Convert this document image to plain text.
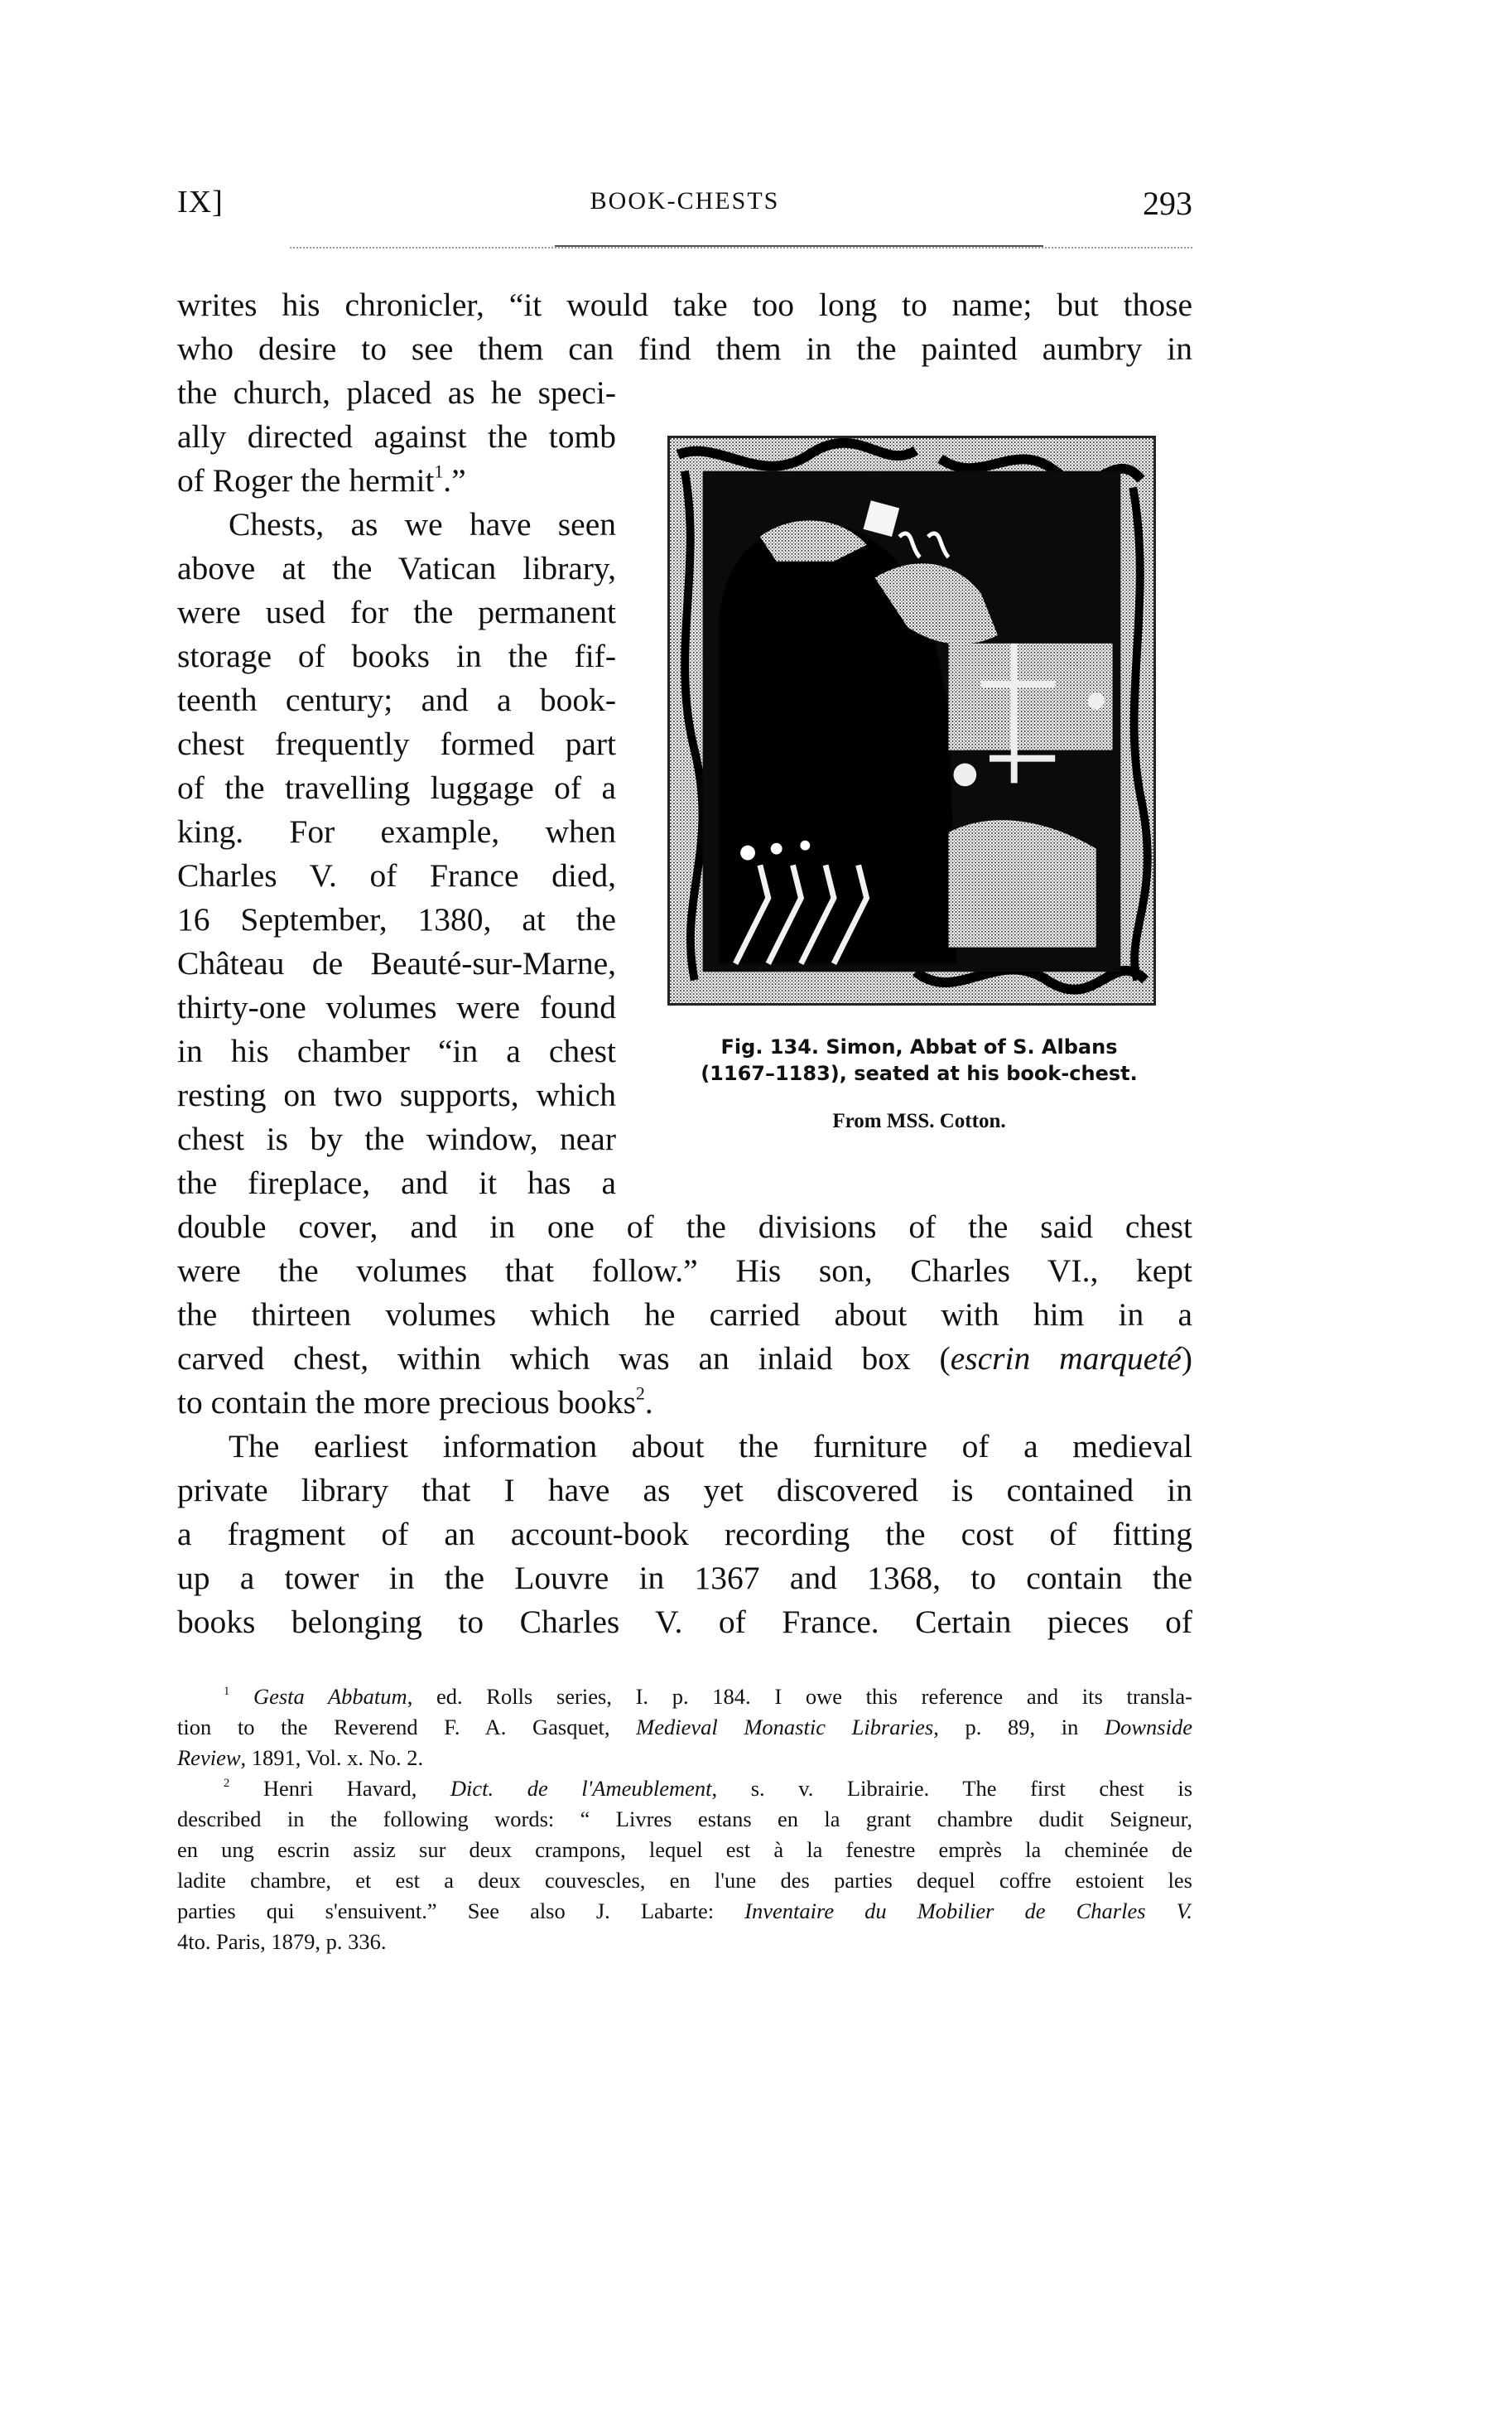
IX]	BOOK-CHESTS	293
writes his chronicler, “it would take too long to name; but those
who desire to see them can find them in the painted aumbry in
the church, placed as he speci-
ally directed against the tomb
of Roger the hermit$^1$.”
Chests, as we have seen
above at the Vatican library,
were used for the permanent
storage of books in the fif-
teenth century; and a book-
chest frequently formed part
of the travelling luggage of a
king. For example, when
Charles V. of France died,
16 September, 1380, at the
Château de Beauté-sur-Marne,
thirty-one volumes were found
in his chamber “in a chest
resting on two supports, which
chest is by the window, near
the fireplace, and it has a
double cover, and in one of the divisions of the said chest
were the volumes that follow.” His son, Charles VI., kept
the thirteen volumes which he carried about with him in a
carved chest, within which was an inlaid box (escrin marqueté)
to contain the more precious books$^2$.
The earliest information about the furniture of a medieval
private library that I have as yet discovered is contained in
a fragment of an account-book recording the cost of fitting
up a tower in the Louvre in 1367 and 1368, to contain the
books belonging to Charles V. of France. Certain pieces of
Fig. 134. Simon, Abbat of S. Albans
(1167–1183), seated at his book-chest.
From MSS. Cotton.
$^1$ Gesta Abbatum, ed. Rolls series, I. p. 184. I owe this reference and its transla-
tion to the Reverend F. A. Gasquet, Medieval Monastic Libraries, p. 89, in Downside
Review, 1891, Vol. x. No. 2.
$^2$ Henri Havard, Dict. de l'Ameublement, s. v. Librairie. The first chest is
described in the following words: “ Livres estans en la grant chambre dudit Seigneur,
en ung escrin assiz sur deux crampons, lequel est à la fenestre emprès la cheminée de
ladite chambre, et est a deux couvescles, en l'une des parties dequel coffre estoient les
parties qui s'ensuivent.” See also J. Labarte: Inventaire du Mobilier de Charles V.
4to. Paris, 1879, p. 336.
